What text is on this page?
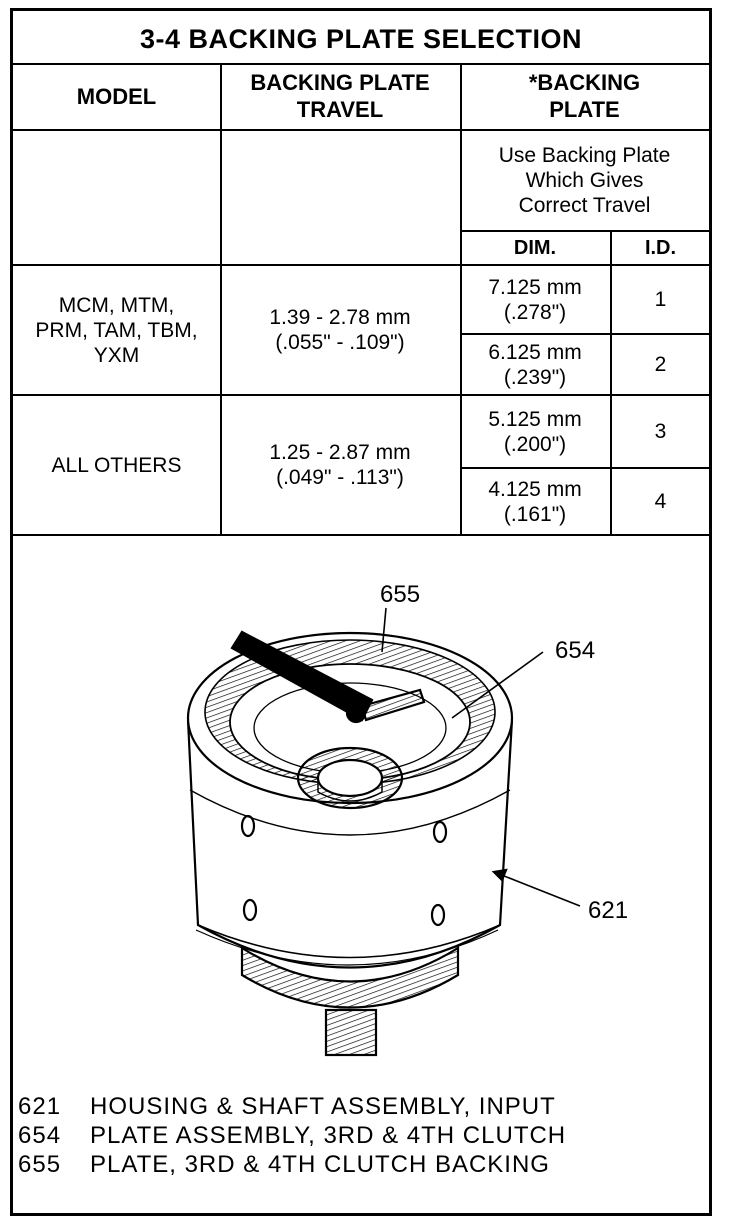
3-4 BACKING PLATE SELECTION
MODEL
BACKING PLATE
TRAVEL
*BACKING
PLATE
Use Backing Plate
Which Gives
Correct Travel
DIM.	I.D.
MCM, MTM,
PRM, TAM, TBM,
YXM
1.39 - 2.78 mm
(.055" - .109")
7.125 mm
(.278")
1
6.125 mm
(.239")
2
ALL OTHERS
1.25 - 2.87 mm
(.049" - .113")
5.125 mm
(.200")
3
4.125 mm
(.161")
4
655
654
621
621 HOUSING & SHAFT ASSEMBLY, INPUT
654 PLATE ASSEMBLY, 3RD & 4TH CLUTCH
655 PLATE, 3RD & 4TH CLUTCH BACKING
